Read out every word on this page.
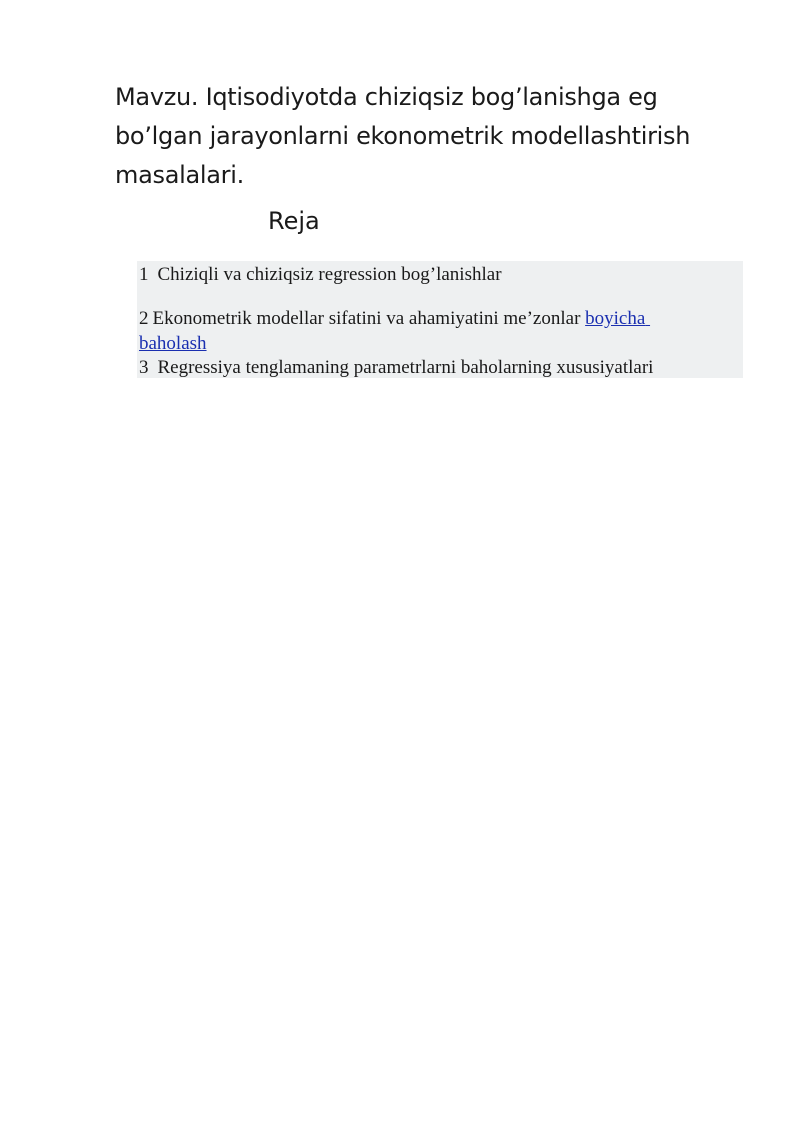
Mavzu. Iqtisodiyotda chiziqsiz bog’lanishga eg bo’lgan jarayonlarni ekonometrik modellashtirish masalalari.
Reja

1 Chiziqli va chiziqsiz regression bog’lanishlar

2 Ekonometrik modellar sifatini va ahamiyatini me’zonlar boyicha
baholash

3 Regressiya tenglamaning parametrlarni baholarning xususiyatlari
